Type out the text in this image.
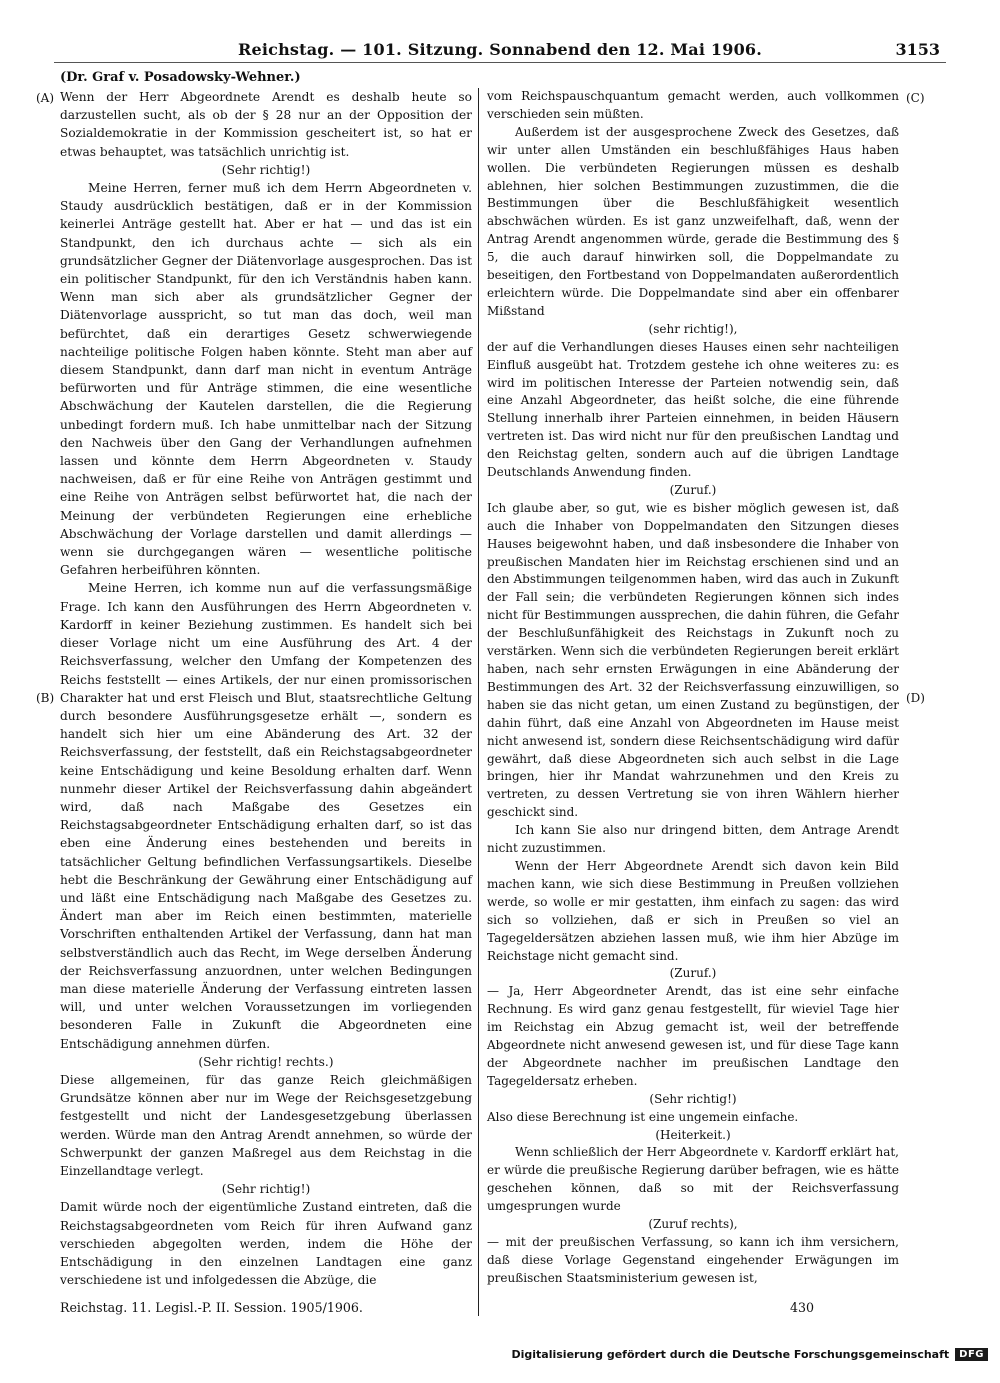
Reichstag. — 101. Sitzung. Sonnabend den 12. Mai 1906.	3153
(Dr. Graf v. Posadowsky-Wehner.)
(A)
(B)
(C)
(D)

Wenn der Herr Abgeordnete Arendt es deshalb heute so darzustellen sucht, als ob der § 28 nur an der Opposition der Sozialdemokratie in der Kommission gescheitert ist, so hat er etwas behauptet, was tatsächlich unrichtig ist.

(Sehr richtig!)

Meine Herren, ferner muß ich dem Herrn Abgeordneten v. Staudy ausdrücklich bestätigen, daß er in der Kommission keinerlei Anträge gestellt hat. Aber er hat — und das ist ein Standpunkt, den ich durchaus achte — sich als ein grundsätzlicher Gegner der Diätenvorlage ausgesprochen. Das ist ein politischer Standpunkt, für den ich Verständnis haben kann. Wenn man sich aber als grundsätzlicher Gegner der Diätenvorlage ausspricht, so tut man das doch, weil man befürchtet, daß ein derartiges Gesetz schwerwiegende nachteilige politische Folgen haben könnte. Steht man aber auf diesem Standpunkt, dann darf man nicht in eventum Anträge befürworten und für Anträge stimmen, die eine wesentliche Abschwächung der Kautelen darstellen, die die Regierung unbedingt fordern muß. Ich habe unmittelbar nach der Sitzung den Nachweis über den Gang der Verhandlungen aufnehmen lassen und könnte dem Herrn Abgeordneten v. Staudy nachweisen, daß er für eine Reihe von Anträgen gestimmt und eine Reihe von Anträgen selbst befürwortet hat, die nach der Meinung der verbündeten Regierungen eine erhebliche Abschwächung der Vorlage darstellen und damit allerdings — wenn sie durchgegangen wären — wesentliche politische Gefahren herbeiführen könnten.

Meine Herren, ich komme nun auf die verfassungsmäßige Frage. Ich kann den Ausführungen des Herrn Abgeordneten v. Kardorff in keiner Beziehung zustimmen. Es handelt sich bei dieser Vorlage nicht um eine Ausführung des Art. 4 der Reichsverfassung, welcher den Umfang der Kompetenzen des Reichs feststellt — eines Artikels, der nur einen promissorischen Charakter hat und erst Fleisch und Blut, staatsrechtliche Geltung durch besondere Ausführungsgesetze erhält —, sondern es handelt sich hier um eine Abänderung des Art. 32 der Reichsverfassung, der feststellt, daß ein Reichstagsabgeordneter keine Entschädigung und keine Besoldung erhalten darf. Wenn nunmehr dieser Artikel der Reichsverfassung dahin abgeändert wird, daß nach Maßgabe des Gesetzes ein Reichstagsabgeordneter Entschädigung erhalten darf, so ist das eben eine Änderung eines bestehenden und bereits in tatsächlicher Geltung befindlichen Verfassungsartikels. Dieselbe hebt die Beschränkung der Gewährung einer Entschädigung auf und läßt eine Entschädigung nach Maßgabe des Gesetzes zu. Ändert man aber im Reich einen bestimmten, materielle Vorschriften enthaltenden Artikel der Verfassung, dann hat man selbstverständlich auch das Recht, im Wege derselben Änderung der Reichsverfassung anzuordnen, unter welchen Bedingungen man diese materielle Änderung der Verfassung eintreten lassen will, und unter welchen Voraussetzungen im vorliegenden besonderen Falle in Zukunft die Abgeordneten eine Entschädigung annehmen dürfen.

(Sehr richtig! rechts.)

Diese allgemeinen, für das ganze Reich gleichmäßigen Grundsätze können aber nur im Wege der Reichsgesetzgebung festgestellt und nicht der Landesgesetzgebung überlassen werden. Würde man den Antrag Arendt annehmen, so würde der Schwerpunkt der ganzen Maßregel aus dem Reichstag in die Einzellandtage verlegt.

(Sehr richtig!)

Damit würde noch der eigentümliche Zustand eintreten, daß die Reichstagsabgeordneten vom Reich für ihren Aufwand ganz verschieden abgegolten werden, indem die Höhe der Entschädigung in den einzelnen Landtagen eine ganz verschiedene ist und infolgedessen die Abzüge, die

vom Reichspauschquantum gemacht werden, auch vollkommen verschieden sein müßten.

Außerdem ist der ausgesprochene Zweck des Gesetzes, daß wir unter allen Umständen ein beschlußfähiges Haus haben wollen. Die verbündeten Regierungen müssen es deshalb ablehnen, hier solchen Bestimmungen zuzustimmen, die die Bestimmungen über die Beschlußfähigkeit wesentlich abschwächen würden. Es ist ganz unzweifelhaft, daß, wenn der Antrag Arendt angenommen würde, gerade die Bestimmung des § 5, die auch darauf hinwirken soll, die Doppelmandate zu beseitigen, den Fortbestand von Doppelmandaten außerordentlich erleichtern würde. Die Doppelmandate sind aber ein offenbarer Mißstand

(sehr richtig!),

der auf die Verhandlungen dieses Hauses einen sehr nachteiligen Einfluß ausgeübt hat. Trotzdem gestehe ich ohne weiteres zu: es wird im politischen Interesse der Parteien notwendig sein, daß eine Anzahl Abgeordneter, das heißt solche, die eine führende Stellung innerhalb ihrer Parteien einnehmen, in beiden Häusern vertreten ist. Das wird nicht nur für den preußischen Landtag und den Reichstag gelten, sondern auch auf die übrigen Landtage Deutschlands Anwendung finden.

(Zuruf.)

Ich glaube aber, so gut, wie es bisher möglich gewesen ist, daß auch die Inhaber von Doppelmandaten den Sitzungen dieses Hauses beigewohnt haben, und daß insbesondere die Inhaber von preußischen Mandaten hier im Reichstag erschienen sind und an den Abstimmungen teilgenommen haben, wird das auch in Zukunft der Fall sein; die verbündeten Regierungen können sich indes nicht für Bestimmungen aussprechen, die dahin führen, die Gefahr der Beschlußunfähigkeit des Reichstags in Zukunft noch zu verstärken. Wenn sich die verbündeten Regierungen bereit erklärt haben, nach sehr ernsten Erwägungen in eine Abänderung der Bestimmungen des Art. 32 der Reichsverfassung einzuwilligen, so haben sie das nicht getan, um einen Zustand zu begünstigen, der dahin führt, daß eine Anzahl von Abgeordneten im Hause meist nicht anwesend ist, sondern diese Reichsentschädigung wird dafür gewährt, daß diese Abgeordneten sich auch selbst in die Lage bringen, hier ihr Mandat wahrzunehmen und den Kreis zu vertreten, zu dessen Vertretung sie von ihren Wählern hierher geschickt sind.

Ich kann Sie also nur dringend bitten, dem Antrage Arendt nicht zuzustimmen.

Wenn der Herr Abgeordnete Arendt sich davon kein Bild machen kann, wie sich diese Bestimmung in Preußen vollziehen werde, so wolle er mir gestatten, ihm einfach zu sagen: das wird sich so vollziehen, daß er sich in Preußen so viel an Tagegeldersätzen abziehen lassen muß, wie ihm hier Abzüge im Reichstage nicht gemacht sind.

(Zuruf.)

— Ja, Herr Abgeordneter Arendt, das ist eine sehr einfache Rechnung. Es wird ganz genau festgestellt, für wieviel Tage hier im Reichstag ein Abzug gemacht ist, weil der betreffende Abgeordnete nicht anwesend gewesen ist, und für diese Tage kann der Abgeordnete nachher im preußischen Landtage den Tagegeldersatz erheben.

(Sehr richtig!)

Also diese Berechnung ist eine ungemein einfache.

(Heiterkeit.)

Wenn schließlich der Herr Abgeordnete v. Kardorff erklärt hat, er würde die preußische Regierung darüber befragen, wie es hätte geschehen können, daß so mit der Reichsverfassung umgesprungen wurde

(Zuruf rechts),

— mit der preußischen Verfassung, so kann ich ihm versichern, daß diese Vorlage Gegenstand eingehender Erwägungen im preußischen Staatsministerium gewesen ist,

Reichstag. 11. Legisl.-P. II. Session. 1905/1906.	430
Digitalisierung gefördert durch die Deutsche Forschungsgemeinschaft	DFG
